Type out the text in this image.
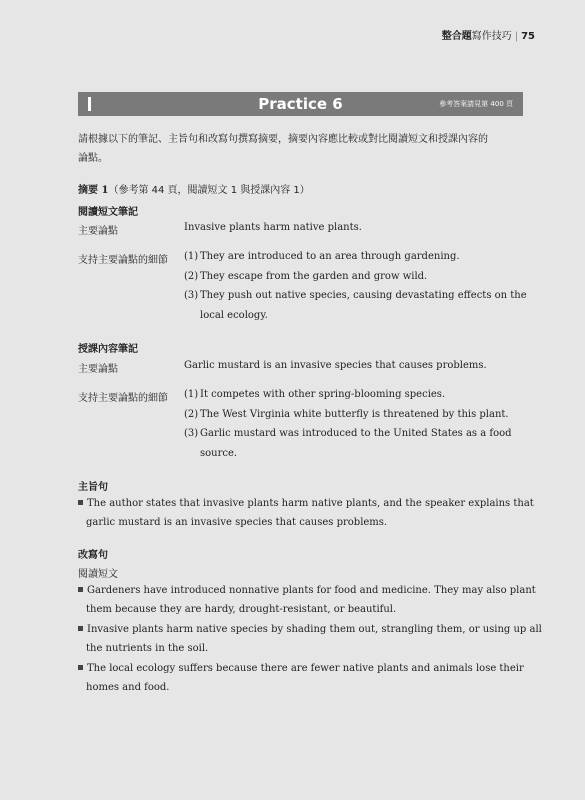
整合題寫作技巧 | 75
Practice 6	參考答案請見第 400 頁
請根據以下的筆記、主旨句和改寫句撰寫摘要，摘要內容應比較或對比閱讀短文和授課內容的
論點。
摘要 1（參考第 44 頁，閱讀短文 1 與授課內容 1）
閱讀短文筆記
主要論點	Invasive plants harm native plants.
支持主要論點的細節 (1) They are introduced to an area through gardening.
(2) They escape from the garden and grow wild.
(3) They push out native species, causing devastating effects on the
local ecology.
授課內容筆記
主要論點	Garlic mustard is an invasive species that causes problems.
支持主要論點的細節 (1) It competes with other spring-blooming species.
(2) The West Virginia white butterfly is threatened by this plant.
(3) Garlic mustard was introduced to the United States as a food
source.
主旨句
The author states that invasive plants harm native plants, and the speaker explains that
garlic mustard is an invasive species that causes problems.
改寫句
閱讀短文
Gardeners have introduced nonnative plants for food and medicine. They may also plant
them because they are hardy, drought-resistant, or beautiful.
Invasive plants harm native species by shading them out, strangling them, or using up all
the nutrients in the soil.
The local ecology suffers because there are fewer native plants and animals lose their
homes and food.
